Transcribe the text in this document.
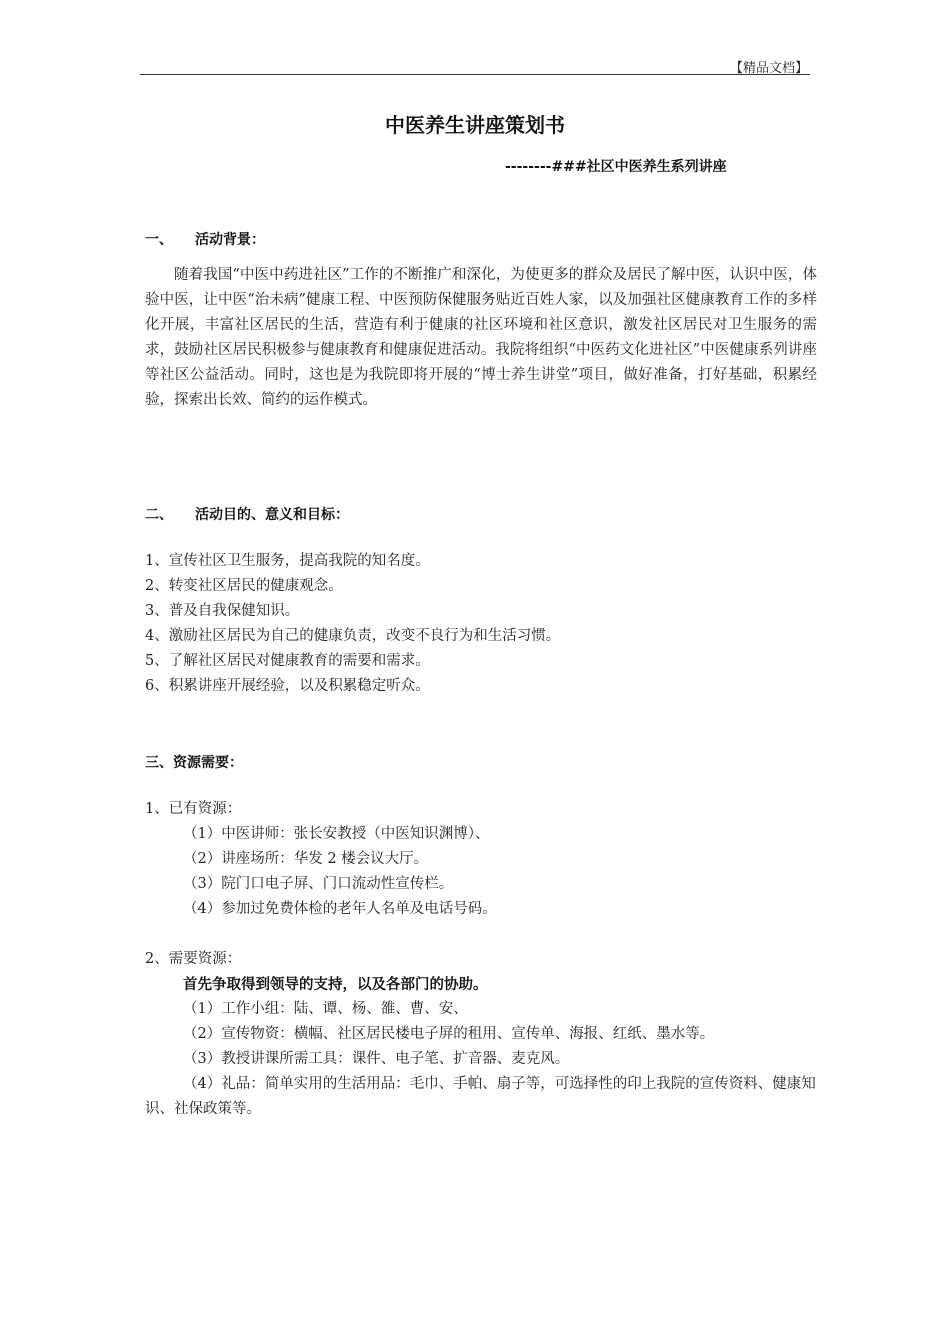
【精品文档】
中医养生讲座策划书
--------###社区中医养生系列讲座
一、 活动背景：

随着我国“中医中药进社区”工作的不断推广和深化，为使更多的群众及居民了解中医，认识中医，体验中医，让中医“治未病”健康工程、中医预防保健服务贴近百姓人家，以及加强社区健康教育工作的多样化开展，丰富社区居民的生活，营造有利于健康的社区环境和社区意识，激发社区居民对卫生服务的需求，鼓励社区居民积极参与健康教育和健康促进活动。我院将组织“中医药文化进社区”中医健康系列讲座等社区公益活动。同时，这也是为我院即将开展的“博士养生讲堂”项目，做好准备，打好基础，积累经验，探索出长效、简约的运作模式。

二、 活动目的、意义和目标：
1、宣传社区卫生服务，提高我院的知名度。
2、转变社区居民的健康观念。
3、普及自我保健知识。
4、激励社区居民为自己的健康负责，改变不良行为和生活习惯。
5、了解社区居民对健康教育的需要和需求。
6、积累讲座开展经验，以及积累稳定听众。
三、资源需要：
1、已有资源：
（1）中医讲师：张长安教授（中医知识渊博）、
（2）讲座场所：华发 2 楼会议大厅。
（3）院门口电子屏、门口流动性宣传栏。
（4）参加过免费体检的老年人名单及电话号码。
2、需要资源：
首先争取得到领导的支持，以及各部门的协助。
（1）工作小组：陆、谭、杨、雒、曹、安、
（2）宣传物资：横幅、社区居民楼电子屏的租用、宣传单、海报、红纸、墨水等。
（3）教授讲课所需工具：课件、电子笔、扩音器、麦克风。

（4）礼品：简单实用的生活用品：毛巾、手帕、扇子等，可选择性的印上我院的宣传资料、健康知识、社保政策等。
